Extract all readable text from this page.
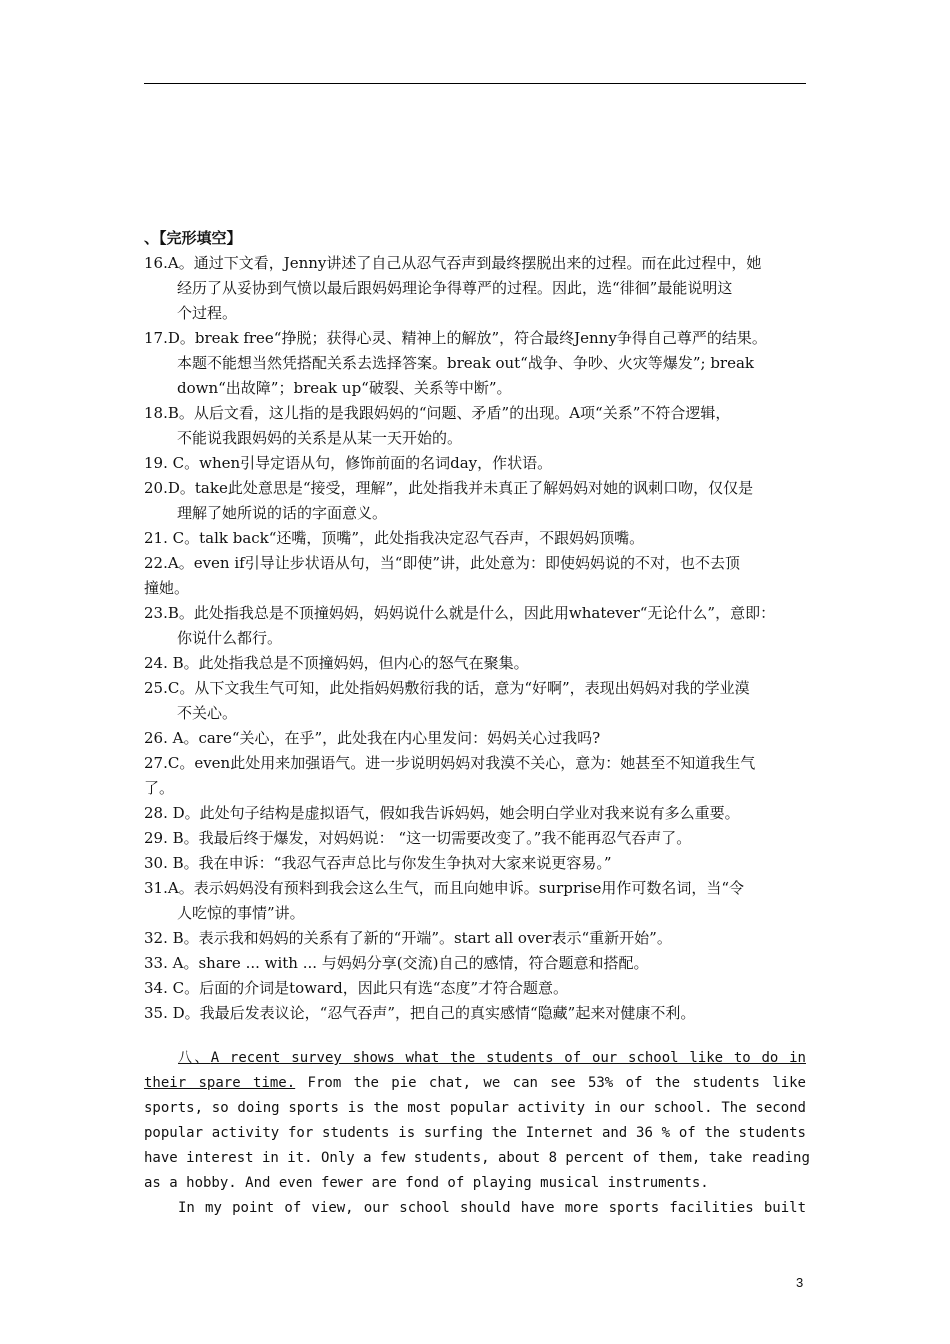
、【完形填空】
16.A。通过下文看，Jenny讲述了自己从忍气吞声到最终摆脱出来的过程。而在此过程中，她
经历了从妥协到气愤以最后跟妈妈理论争得尊严的过程。因此，选“徘徊”最能说明这
个过程。
17.D。break free“挣脱；获得心灵、精神上的解放”，符合最终Jenny争得自己尊严的结果。
本题不能想当然凭搭配关系去选择答案。break out“战争、争吵、火灾等爆发”; break
down“出故障”；break up“破裂、关系等中断”。
18.B。从后文看，这儿指的是我跟妈妈的“问题、矛盾”的出现。A项“关系”不符合逻辑，
不能说我跟妈妈的关系是从某一天开始的。
19. C。when引导定语从句，修饰前面的名词day，作状语。
20.D。take此处意思是“接受，理解”，此处指我并未真正了解妈妈对她的讽刺口吻，仅仅是
理解了她所说的话的字面意义。
21. C。talk back“还嘴，顶嘴”，此处指我决定忍气吞声，不跟妈妈顶嘴。
22.A。even if引导让步状语从句，当“即使”讲，此处意为：即使妈妈说的不对，也不去顶
撞她。
23.B。此处指我总是不顶撞妈妈，妈妈说什么就是什么，因此用whatever“无论什么”，意即：
你说什么都行。
24. B。此处指我总是不顶撞妈妈，但内心的怒气在聚集。
25.C。从下文我生气可知，此处指妈妈敷衍我的话，意为“好啊”，表现出妈妈对我的学业漠
不关心。
26. A。care“关心，在乎”，此处我在内心里发问：妈妈关心过我吗?
27.C。even此处用来加强语气。进一步说明妈妈对我漠不关心，意为：她甚至不知道我生气
了。
28. D。此处句子结构是虚拟语气，假如我告诉妈妈，她会明白学业对我来说有多么重要。
29. B。我最后终于爆发，对妈妈说： “这一切需要改变了。”我不能再忍气吞声了。
30. B。我在申诉：“我忍气吞声总比与你发生争执对大家来说更容易。”
31.A。表示妈妈没有预料到我会这么生气，而且向她申诉。surprise用作可数名词，当“令
人吃惊的事情”讲。
32. B。表示我和妈妈的关系有了新的“开端”。start all over表示“重新开始”。
33. A。share ... with ... 与妈妈分享(交流)自己的感情，符合题意和搭配。
34. C。后面的介词是toward，因此只有选“态度”才符合题意。
35. D。我最后发表议论，“忍气吞声”，把自己的真实感情“隐藏”起来对健康不利。
八、A recent survey shows what the students of our school like to do in
their spare time. From the pie chat, we can see 53% of the students like
sports, so doing sports is the most popular activity in our school. The second
popular activity for students is surfing the Internet and 36 % of the students
have interest in it. Only a few students, about 8 percent of them, take reading
as a hobby. And even fewer are fond of playing musical instruments.
In my point of view, our school should have more sports facilities built
3
